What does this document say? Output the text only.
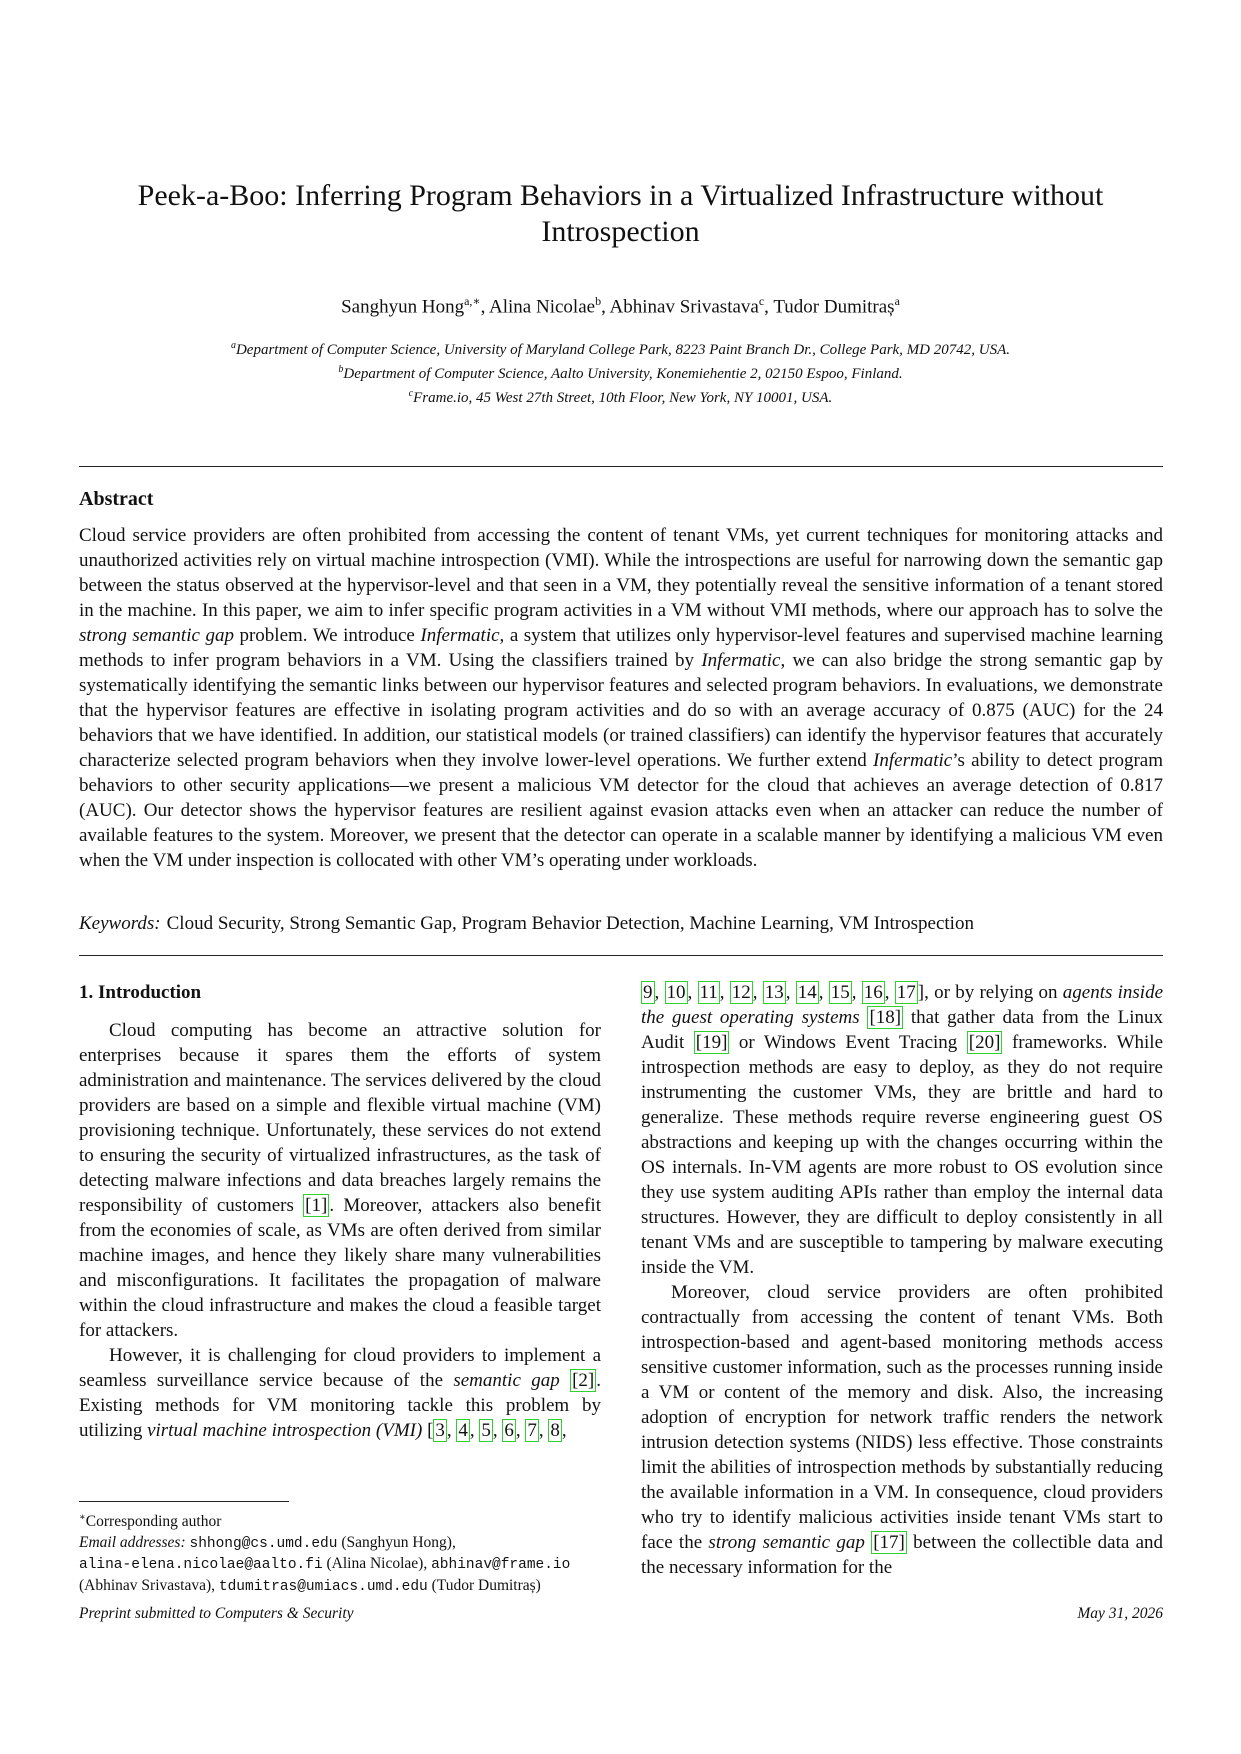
Peek-a-Boo: Inferring Program Behaviors in a Virtualized Infrastructure without Introspection
Sanghyun Hong$^{a,∗}$, Alina Nicolae$^b$, Abhinav Srivastava$^c$, Tudor Dumitraș$^a$
$^a$Department of Computer Science, University of Maryland College Park, 8223 Paint Branch Dr., College Park, MD 20742, USA.
$^b$Department of Computer Science, Aalto University, Konemiehentie 2, 02150 Espoo, Finland.
$^c$Frame.io, 45 West 27th Street, 10th Floor, New York, NY 10001, USA.
Abstract
Cloud service providers are often prohibited from accessing the content of tenant VMs, yet current techniques for monitoring attacks and unauthorized activities rely on virtual machine introspection (VMI). While the introspections are useful for narrowing down the semantic gap between the status observed at the hypervisor-level and that seen in a VM, they potentially reveal the sensitive information of a tenant stored in the machine. In this paper, we aim to infer specific program activities in a VM without VMI methods, where our approach has to solve the strong semantic gap problem. We introduce Infermatic, a system that utilizes only hypervisor-level features and supervised machine learning methods to infer program behaviors in a VM. Using the classifiers trained by Infermatic, we can also bridge the strong semantic gap by systematically identifying the semantic links between our hypervisor features and selected program behaviors. In evaluations, we demonstrate that the hypervisor features are effective in isolating program activities and do so with an average accuracy of 0.875 (AUC) for the 24 behaviors that we have identified. In addition, our statistical models (or trained classifiers) can identify the hypervisor features that accurately characterize selected program behaviors when they involve lower-level operations. We further extend Infermatic’s ability to detect program behaviors to other security applications—we present a malicious VM detector for the cloud that achieves an average detection of 0.817 (AUC). Our detector shows the hypervisor features are resilient against evasion attacks even when an attacker can reduce the number of available features to the system. Moreover, we present that the detector can operate in a scalable manner by identifying a malicious VM even when the VM under inspection is collocated with other VM’s operating under workloads.
Keywords: Cloud Security, Strong Semantic Gap, Program Behavior Detection, Machine Learning, VM Introspection
1. Introduction

Cloud computing has become an attractive solution for enterprises because it spares them the efforts of system administration and maintenance. The services delivered by the cloud providers are based on a simple and flexible virtual machine (VM) provisioning technique. Unfortunately, these services do not extend to ensuring the security of virtualized infrastructures, as the task of detecting malware infections and data breaches largely remains the responsibility of customers [1] . Moreover, attackers also benefit from the economies of scale, as VMs are often derived from similar machine images, and hence they likely share many vulnerabilities and misconfigurations. It facilitates the propagation of malware within the cloud infrastructure and makes the cloud a feasible target for attackers.

However, it is challenging for cloud providers to implement a seamless surveillance service because of the semantic gap [2] . Existing methods for VM monitoring tackle this problem by utilizing virtual machine introspection (VMI) [ 3 , 4 , 5 , 6 , 7 , 8 ,

9 , 10 , 11 , 12 , 13 , 14 , 15 , 16 , 17 ], or by relying on agents inside the guest operating systems [18] that gather data from the Linux Audit [19] or Windows Event Tracing [20] frameworks. While introspection methods are easy to deploy, as they do not require instrumenting the customer VMs, they are brittle and hard to generalize. These methods require reverse engineering guest OS abstractions and keeping up with the changes occurring within the OS internals. In-VM agents are more robust to OS evolution since they use system auditing APIs rather than employ the internal data structures. However, they are difficult to deploy consistently in all tenant VMs and are susceptible to tampering by malware executing inside the VM.

Moreover, cloud service providers are often prohibited contractually from accessing the content of tenant VMs. Both introspection-based and agent-based monitoring methods access sensitive customer information, such as the processes running inside a VM or content of the memory and disk. Also, the increasing adoption of encryption for network traffic renders the network intrusion detection systems (NIDS) less effective. Those constraints limit the abilities of introspection methods by substantially reducing the available information in a VM. In consequence, cloud providers who try to identify malicious activities inside tenant VMs start to face the strong semantic gap [17] between the collectible data and the necessary information for the

∗Corresponding author
Email addresses: shhong@cs.umd.edu (Sanghyun Hong),
alina-elena.nicolae@aalto.fi (Alina Nicolae), abhinav@frame.io
(Abhinav Srivastava), tdumitras@umiacs.umd.edu (Tudor Dumitraș)
Preprint submitted to Computers & Security	May 31, 2026
